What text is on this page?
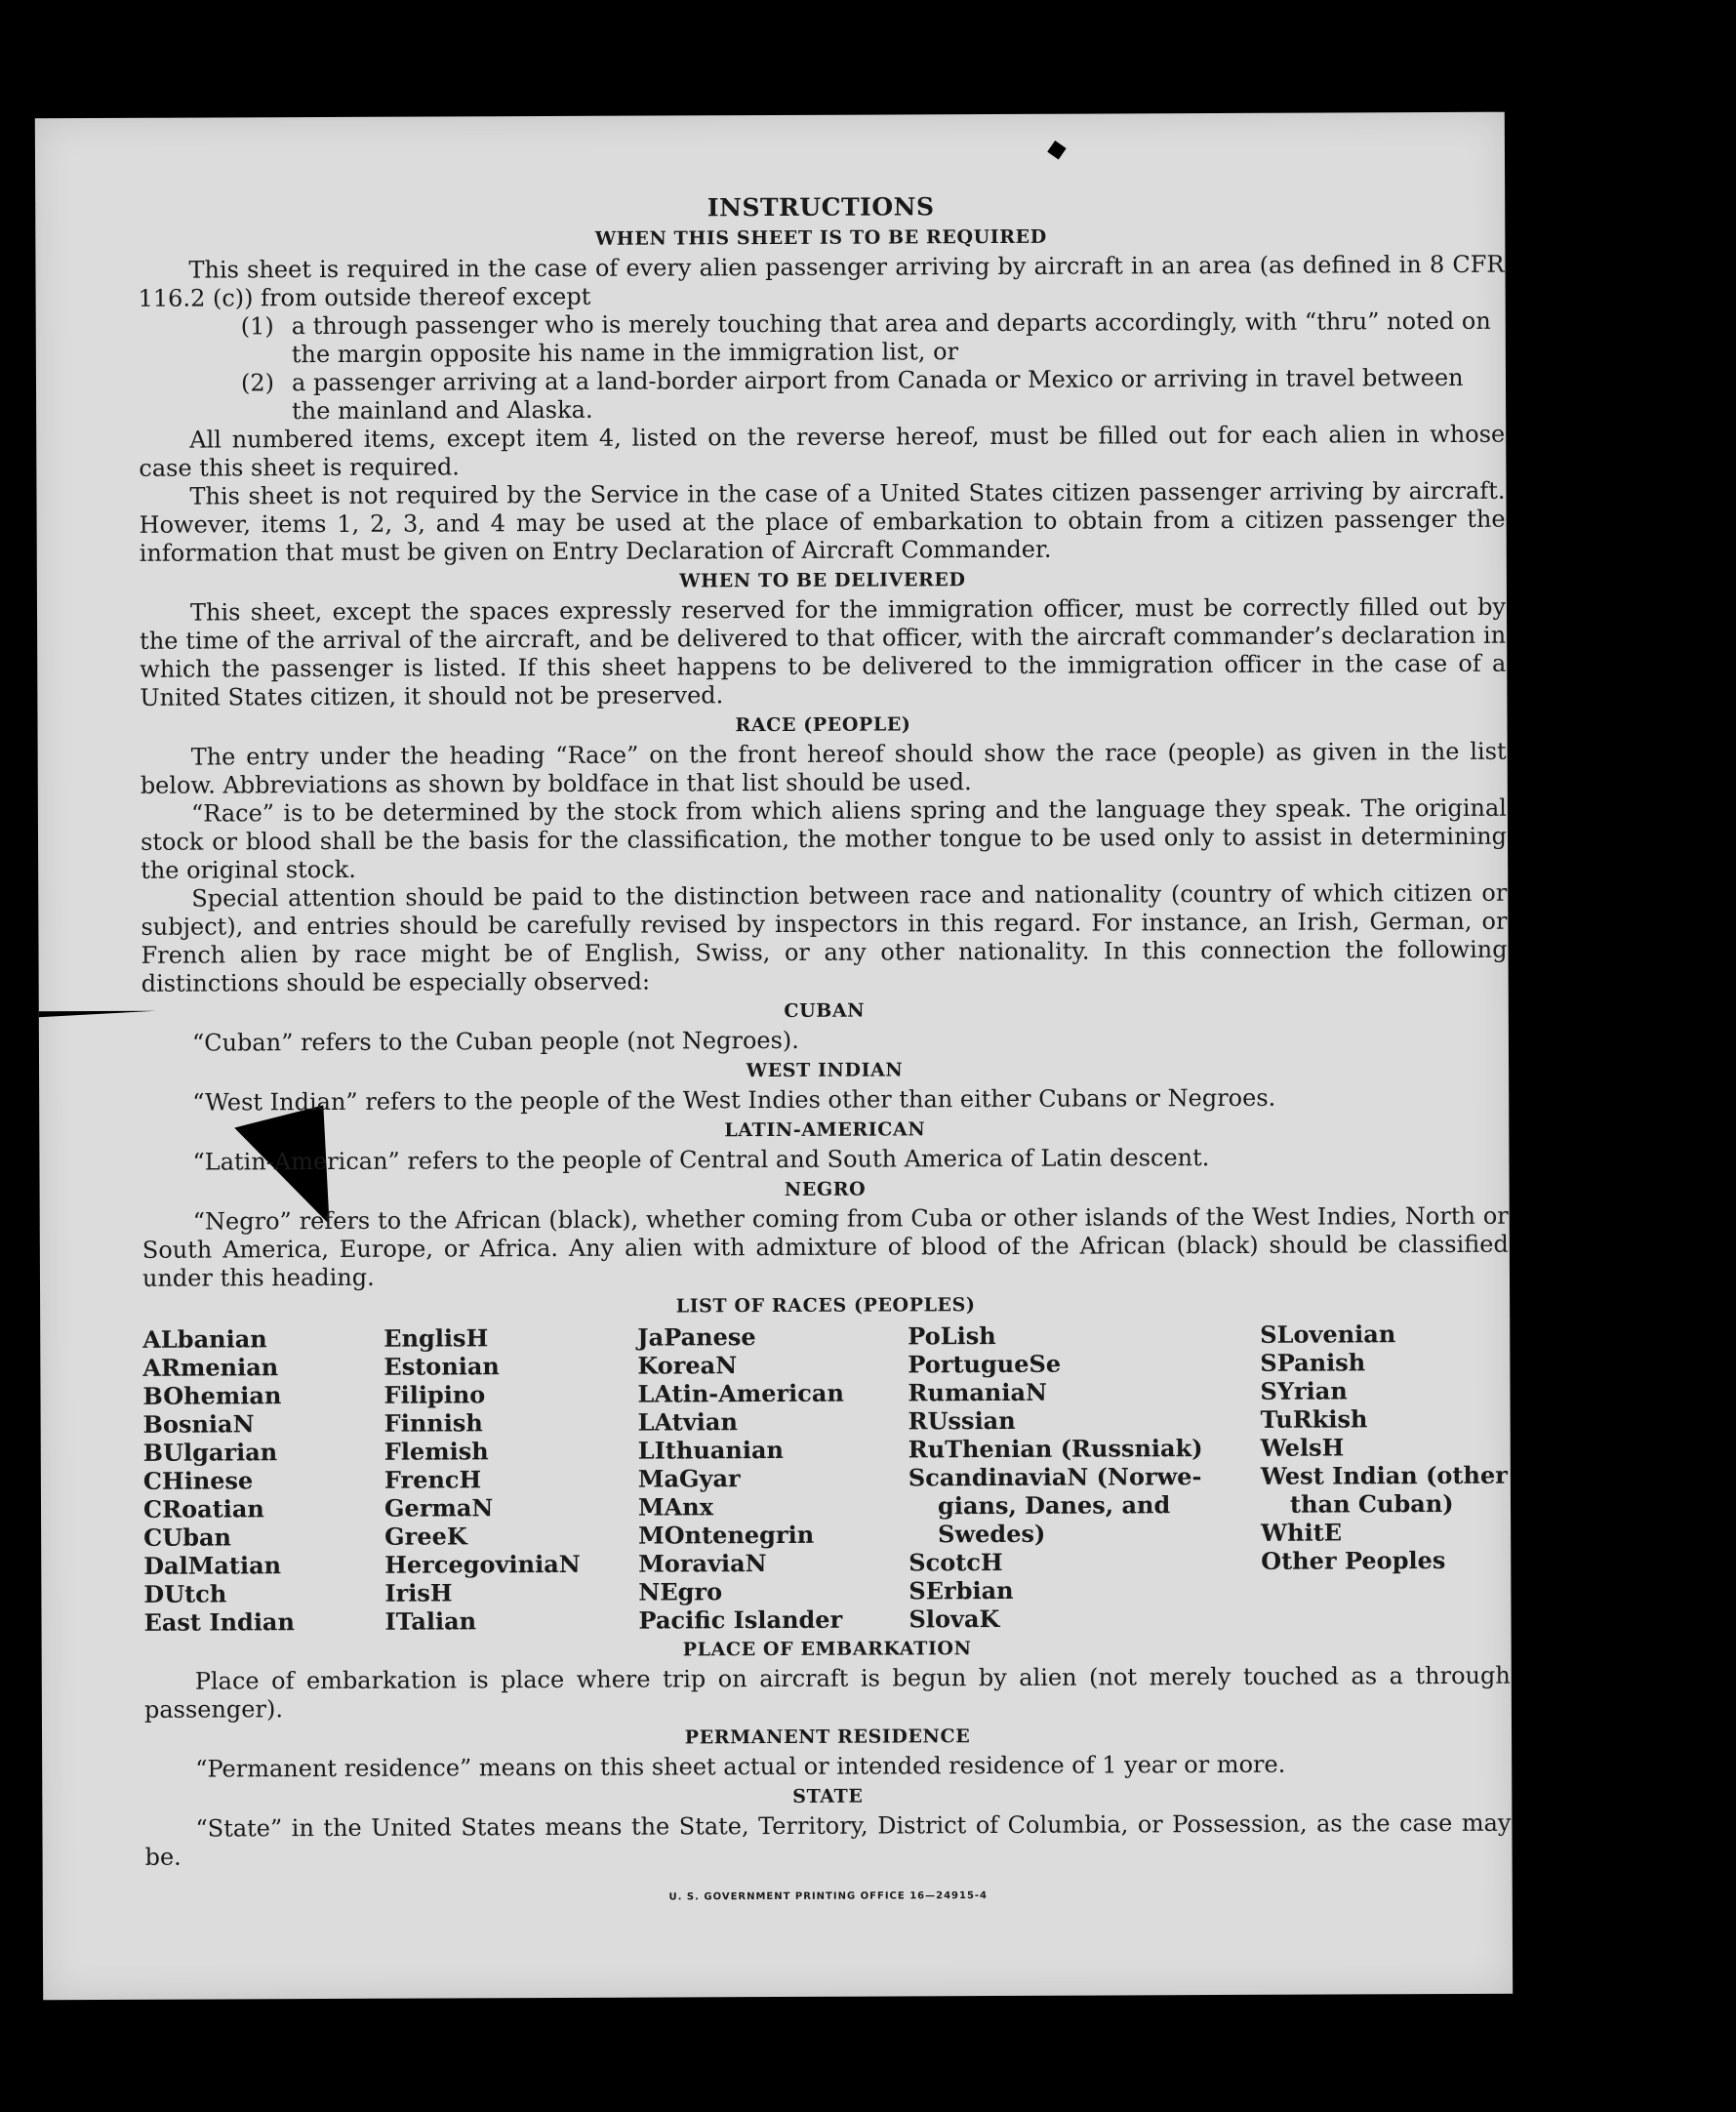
INSTRUCTIONS
WHEN THIS SHEET IS TO BE REQUIRED

This sheet is required in the case of every alien passenger arriving by aircraft in an area (as defined in 8 CFR 116.2 (c)) from outside thereof except

(1) a through passenger who is merely touching that area and departs accordingly, with “thru” noted on the margin opposite his name in the immigration list, or
(2) a passenger arriving at a land-border airport from Canada or Mexico or arriving in travel between the mainland and Alaska.

All numbered items, except item 4, listed on the reverse hereof, must be filled out for each alien in whose case this sheet is required.

This sheet is not required by the Service in the case of a United States citizen passenger arriving by aircraft. However, items 1, 2, 3, and 4 may be used at the place of embarkation to obtain from a citizen passenger the information that must be given on Entry Declaration of Aircraft Commander.

WHEN TO BE DELIVERED

This sheet, except the spaces expressly reserved for the immigration officer, must be correctly filled out by the time of the arrival of the aircraft, and be delivered to that officer, with the aircraft commander’s declaration in which the passenger is listed. If this sheet happens to be delivered to the immigration officer in the case of a United States citizen, it should not be preserved.

RACE (PEOPLE)

The entry under the heading “Race” on the front hereof should show the race (people) as given in the list below. Abbreviations as shown by boldface in that list should be used.

“Race” is to be determined by the stock from which aliens spring and the language they speak. The original stock or blood shall be the basis for the classification, the mother tongue to be used only to assist in determining the original stock.

Special attention should be paid to the distinction between race and nationality (country of which citizen or subject), and entries should be carefully revised by inspectors in this regard. For instance, an Irish, German, or French alien by race might be of English, Swiss, or any other nationality. In this connection the following distinctions should be especially observed:

CUBAN

“Cuban” refers to the Cuban people (not Negroes).

WEST INDIAN

“West Indian” refers to the people of the West Indies other than either Cubans or Negroes.

LATIN-AMERICAN

“Latin-American” refers to the people of Central and South America of Latin descent.

NEGRO

“Negro” refers to the African (black), whether coming from Cuba or other islands of the West Indies, North or South America, Europe, or Africa. Any alien with admixture of blood of the African (black) should be classified under this heading.

LIST OF RACES (PEOPLES)
ALbanian
ARmenian
BOhemian
BosniaN
BUlgarian
CHinese
CRoatian
CUban
DalMatian
DUtch
East Indian
EnglisH
Estonian
Filipino
Finnish
Flemish
FrencH
GermaN
GreeK
HercegoviniaN
IrisH
ITalian
JaPanese
KoreaN
LAtin-American
LAtvian
LIthuanian
MaGyar
MAnx
MOntenegrin
MoraviaN
NEgro
Pacific Islander
PoLish
PortugueSe
RumaniaN
RUssian
RuThenian (Russniak)
ScandinaviaN (Norwe-
gians, Danes, and
Swedes)
ScotcH
SErbian
SlovaK
SLovenian
SPanish
SYrian
TuRkish
WelsH
West Indian (other
than Cuban)
WhitE
Other Peoples
PLACE OF EMBARKATION

Place of embarkation is place where trip on aircraft is begun by alien (not merely touched as a through passenger).

PERMANENT RESIDENCE

“Permanent residence” means on this sheet actual or intended residence of 1 year or more.

STATE

“State” in the United States means the State, Territory, District of Columbia, or Possession, as the case may be.

U. S. GOVERNMENT PRINTING OFFICE 16—24915-4
